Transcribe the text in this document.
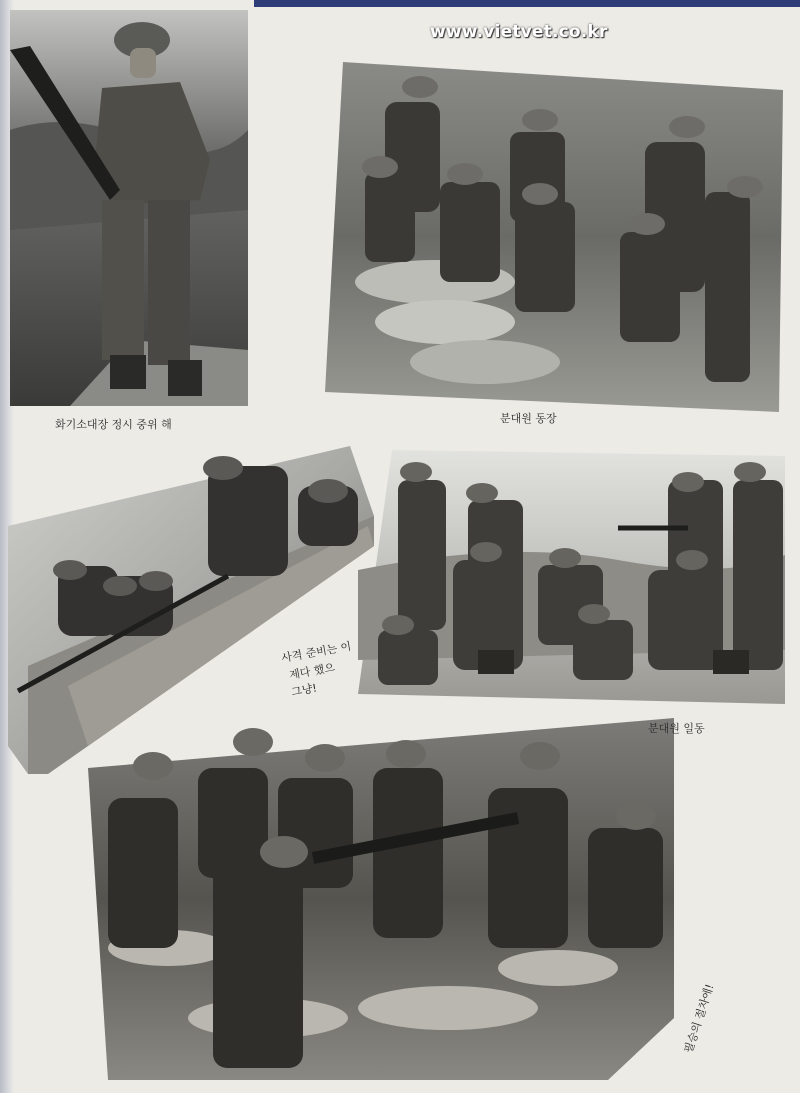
www.vietvet.co.kr
화기소대장 정시 중위 해	분대원 동장
사격 준비는 이
제다 했으
그냥!
분대원 일동
필승의 절차에!
